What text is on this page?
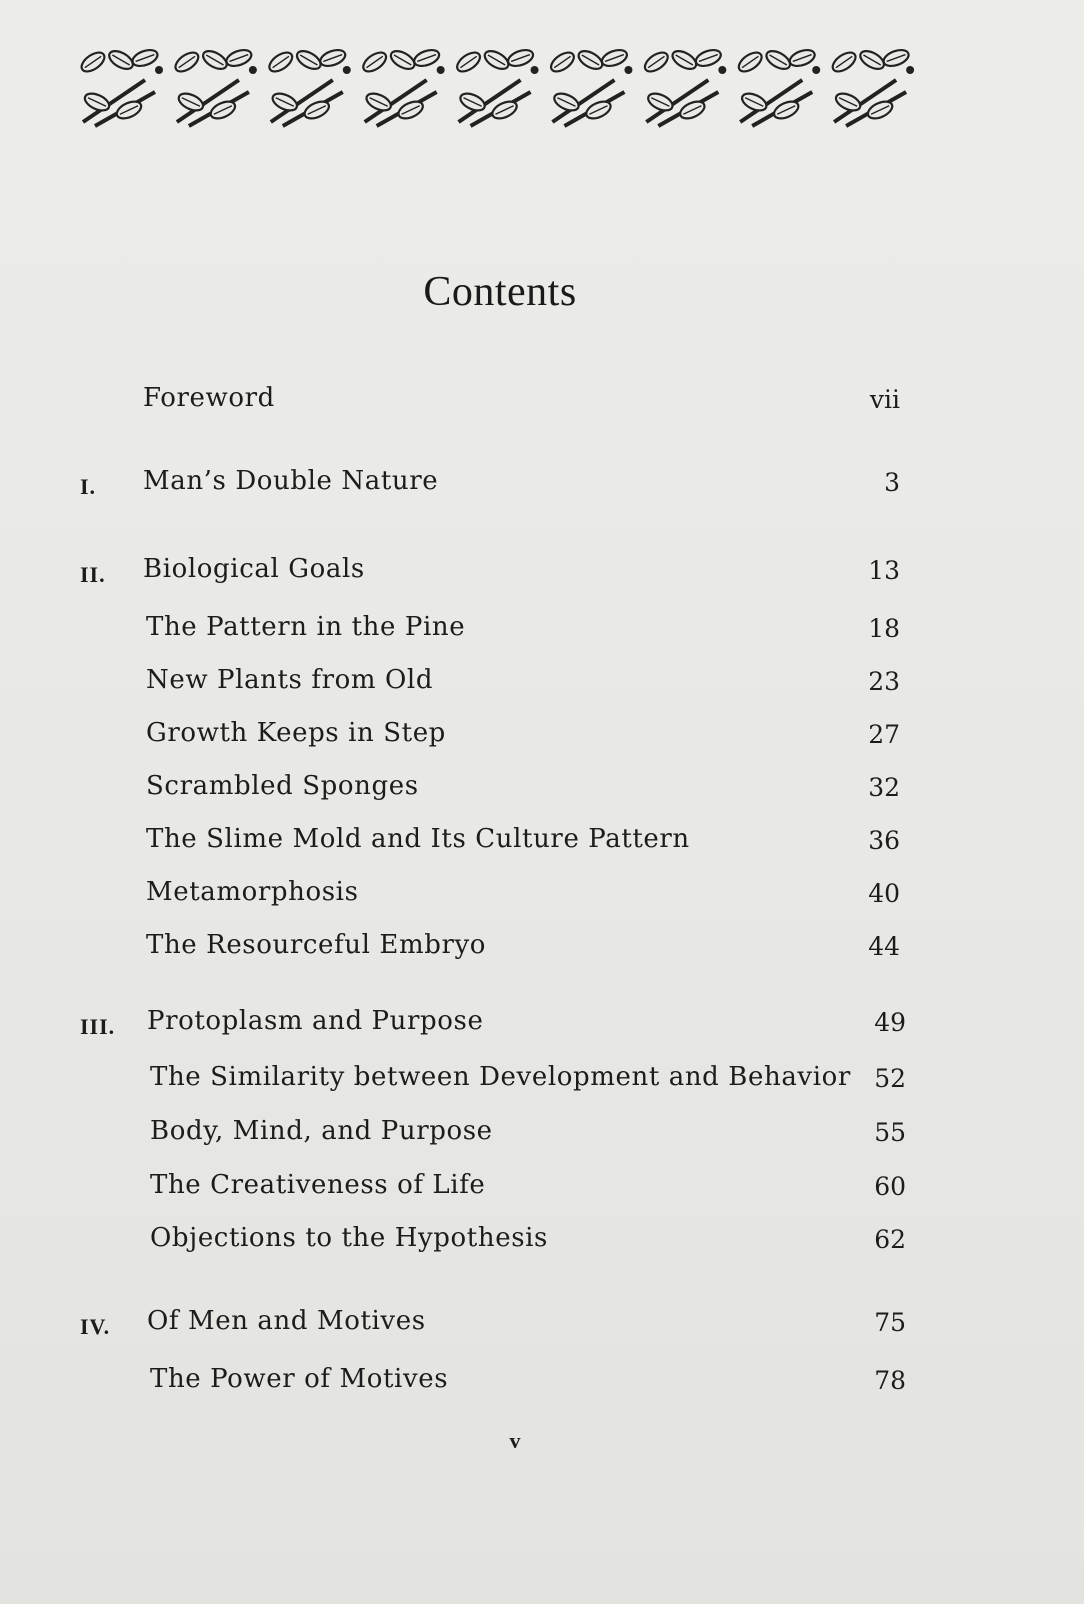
Contents
Foreword	vii
I.	Man’s Double Nature	3
II.	Biological Goals	13
The Pattern in the Pine	18
New Plants from Old	23
Growth Keeps in Step	27
Scrambled Sponges	32
The Slime Mold and Its Culture Pattern	36
Metamorphosis	40
The Resourceful Embryo	44
III.	Protoplasm and Purpose	49
The Similarity between Development and Behavior 52
Body, Mind, and Purpose	55
The Creativeness of Life	60
Objections to the Hypothesis	62
IV.	Of Men and Motives	75
The Power of Motives	78
v
